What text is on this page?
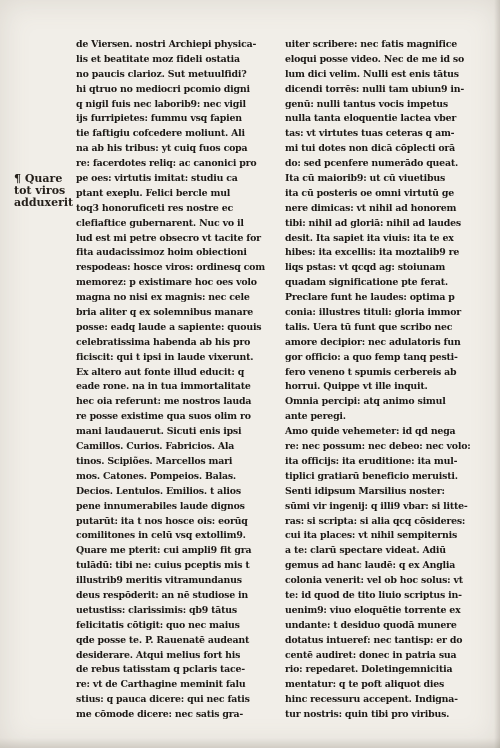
¶ Quare
tot viros
adduxerit
de Viersen. nostri Archiepi physica-
lis et beatitate moz fideli ostatia
no paucis clarioz. Sut metuulfidi?
hi qtruo no mediocri pcomio digni
q nigil fuis nec laborib9: nec vigil
ijs furripietes: fummu vsq fapien
tie faftigiu cofcedere moliunt. Ali
na ab his tribus: yt cuiq fuos copa
re: facerdotes reliq: ac canonici pro
pe oes: virtutis imitat: studiu ca
ptant exeplu. Felici bercle mul
toq3 honoruficeti res nostre ec
clefiaftice gubernarent. Nuc vo il
lud est mi petre obsecro vt tacite for
fita audacissimoz hoim obiectioni
respodeas: hosce viros: ordinesq com
memorez: p existimare hoc oes volo
magna no nisi ex magnis: nec cele
bria aliter q ex solemnibus manare
posse: eadq laude a sapiente: quouis
celebratissima habenda ab his pro
ficiscit: qui t ipsi in laude vixerunt.
Ex altero aut fonte illud educit: q
eade rone. na in tua immortalitate
hec oia referunt: me nostros lauda
re posse existime qua suos olim ro
mani laudauerut. Sicuti enis ipsi
Camillos. Curios. Fabricios. Ala
tinos. Scipiões. Marcellos mari
mos. Catones. Pompeios. Balas.
Decios. Lentulos. Emilios. t alios
pene innumerabiles laude dignos
putarūt: ita t nos hosce ois: eorūq
comilitones in celū vsq extollim9.
Quare me pterit: cui ampli9 fit gra
tulādū: tibi ne: cuius pceptis mis t
illustrib9 meritis vitramundanus
deus respōderit: an nē studiose in
uetustiss: clarissimis: qb9 tātus
felicitatis cōtigit: quo nec maius
qde posse te. P. Rauenatē audeant
desiderare. Atqui melius fort his
de rebus tatisstam q pclaris tace-
re: vt de Carthagine meminit falu
stius: q pauca dicere: qui nec fatis
me cōmode dicere: nec satis gra-
uiter scribere: nec fatis magnifice
eloqui posse video. Nec de me id so
lum dici velim. Nulli est enis tātus
dicendi torrēs: nulli tam ubiun9 in-
genū: nulli tantus vocis impetus
nulla tanta eloquentie lactea vber
tas: vt virtutes tuas ceteras q am-
mi tui dotes non dicā cōplecti orā
do: sed pcenfere numerādo queat.
Ita cū maiorib9: ut cū viuetibus
ita cū posteris oe omni virtutū ge
nere dimicas: vt nihil ad honorem
tibi: nihil ad gloriā: nihil ad laudes
desit. Ita sapiet ita viuis: ita te ex
hibes: ita excellis: ita moztalib9 re
liqs pstas: vt qcqd ag: stoiunam
quadam significatione pte ferat.
Preclare funt he laudes: optima p
conia: illustres tituli: gloria immor
talis. Uera tū funt que scribo nec
amore decipior: nec adulatoris fun
gor officio: a quo femp tanq pesti-
fero veneno t spumis cerbereis ab
horrui. Quippe vt ille inquit.
Omnia percipi: atq animo simul
ante peregi.
Amo quide vehemeter: id qd nega
re: nec possum: nec debeo: nec volo:
ita officijs: ita eruditione: ita mul-
tiplici gratiarū beneficio meruisti.
Senti idipsum Marsilius noster:
sūmi vir ingenij: q illi9 vbar: si litte-
ras: si scripta: si alia qcq cōsideres:
cui ita places: vt nihil sempiternis
a te: clarū spectare videat. Adiū
gemus ad hanc laudē: q ex Anglia
colonia venerit: vel ob hoc solus: vt
te: id quod de tito liuio scriptus in-
uenim9: viuo eloquētie torrente ex
undante: t desiduo quodā munere
dotatus intueref: nec tantisp: er do
centē audiret: donec in patria sua
rio: repedaret. Doletingemnicitia
mentatur: q te poft aliquot dies
hinc recessuru accepent. Indigna-
tur nostris: quin tibi pro viribus.
